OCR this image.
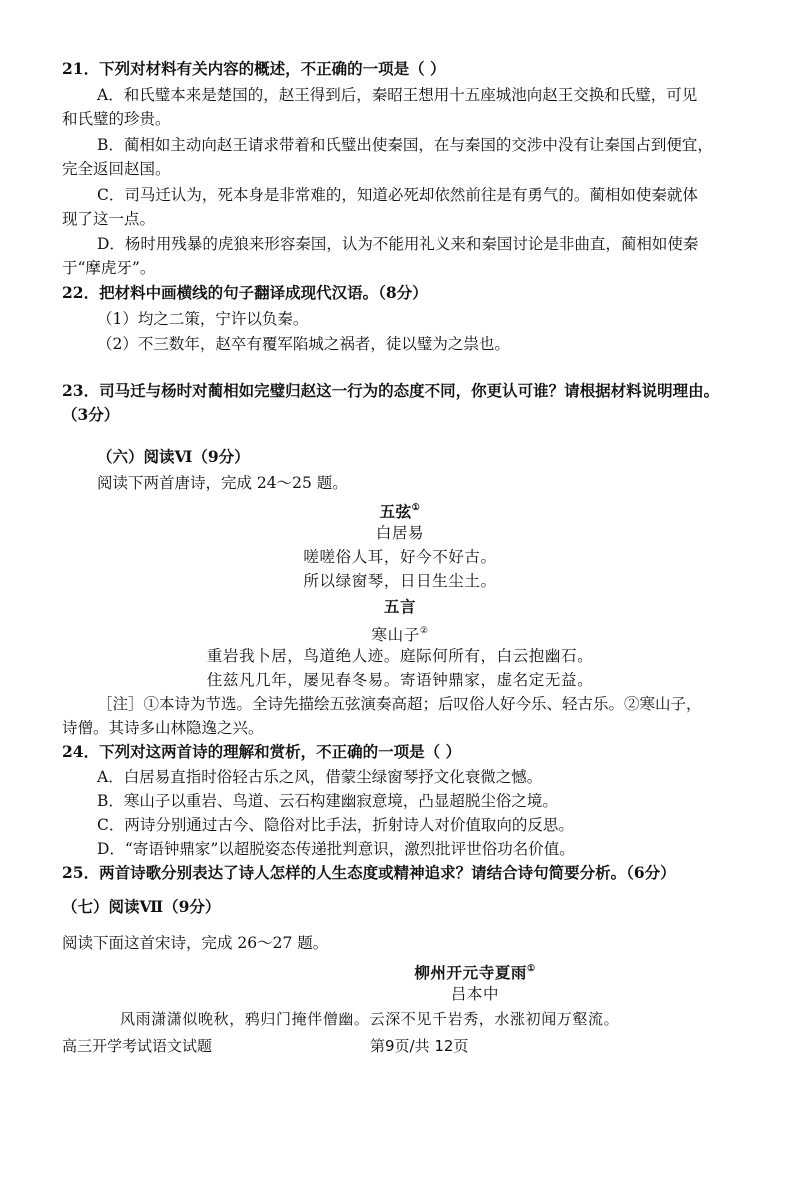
21．下列对材料有关内容的概述，不正确的一项是（ ）
A．和氏璧本来是楚国的，赵王得到后，秦昭王想用十五座城池向赵王交换和氏璧，可见
和氏璧的珍贵。
B．蔺相如主动向赵王请求带着和氏璧出使秦国，在与秦国的交涉中没有让秦国占到便宜，
完全返回赵国。
C．司马迁认为，死本身是非常难的，知道必死却依然前往是有勇气的。蔺相如使秦就体
现了这一点。
D．杨时用残暴的虎狼来形容秦国，认为不能用礼义来和秦国讨论是非曲直，蔺相如使秦
于“摩虎牙”。
22．把材料中画横线的句子翻译成现代汉语。（8分）
（1）均之二策，宁许以负秦。
（2）不三数年，赵卒有覆军陷城之祸者，徒以璧为之祟也。
23．司马迁与杨时对蔺相如完璧归赵这一行为的态度不同，你更认可谁？请根据材料说明理由。
（3分）
（六）阅读Ⅵ（9分）
阅读下两首唐诗，完成 24～25 题。
五弦①
白居易
嗟嗟俗人耳，好今不好古。
所以绿窗琴，日日生尘土。
五言
寒山子②
重岩我卜居，鸟道绝人迹。庭际何所有，白云抱幽石。
住兹凡几年，屡见春冬易。寄语钟鼎家，虚名定无益。
［注］①本诗为节选。全诗先描绘五弦演奏高超；后叹俗人好今乐、轻古乐。②寒山子，
诗僧。其诗多山林隐逸之兴。
24．下列对这两首诗的理解和赏析，不正确的一项是（ ）
A．白居易直指时俗轻古乐之风，借蒙尘绿窗琴抒文化衰微之憾。
B．寒山子以重岩、鸟道、云石构建幽寂意境，凸显超脱尘俗之境。
C．两诗分别通过古今、隐俗对比手法，折射诗人对价值取向的反思。
D．“寄语钟鼎家”以超脱姿态传递批判意识，激烈批评世俗功名价值。
25．两首诗歌分别表达了诗人怎样的人生态度或精神追求？请结合诗句简要分析。（6分）
（七）阅读Ⅶ（9分）
阅读下面这首宋诗，完成 26～27 题。
柳州开元寺夏雨①
吕本中
风雨潇潇似晚秋，鸦归门掩伴僧幽。云深不见千岩秀，水涨初闻万壑流。
高三开学考试语文试题	第9页/共 12页
